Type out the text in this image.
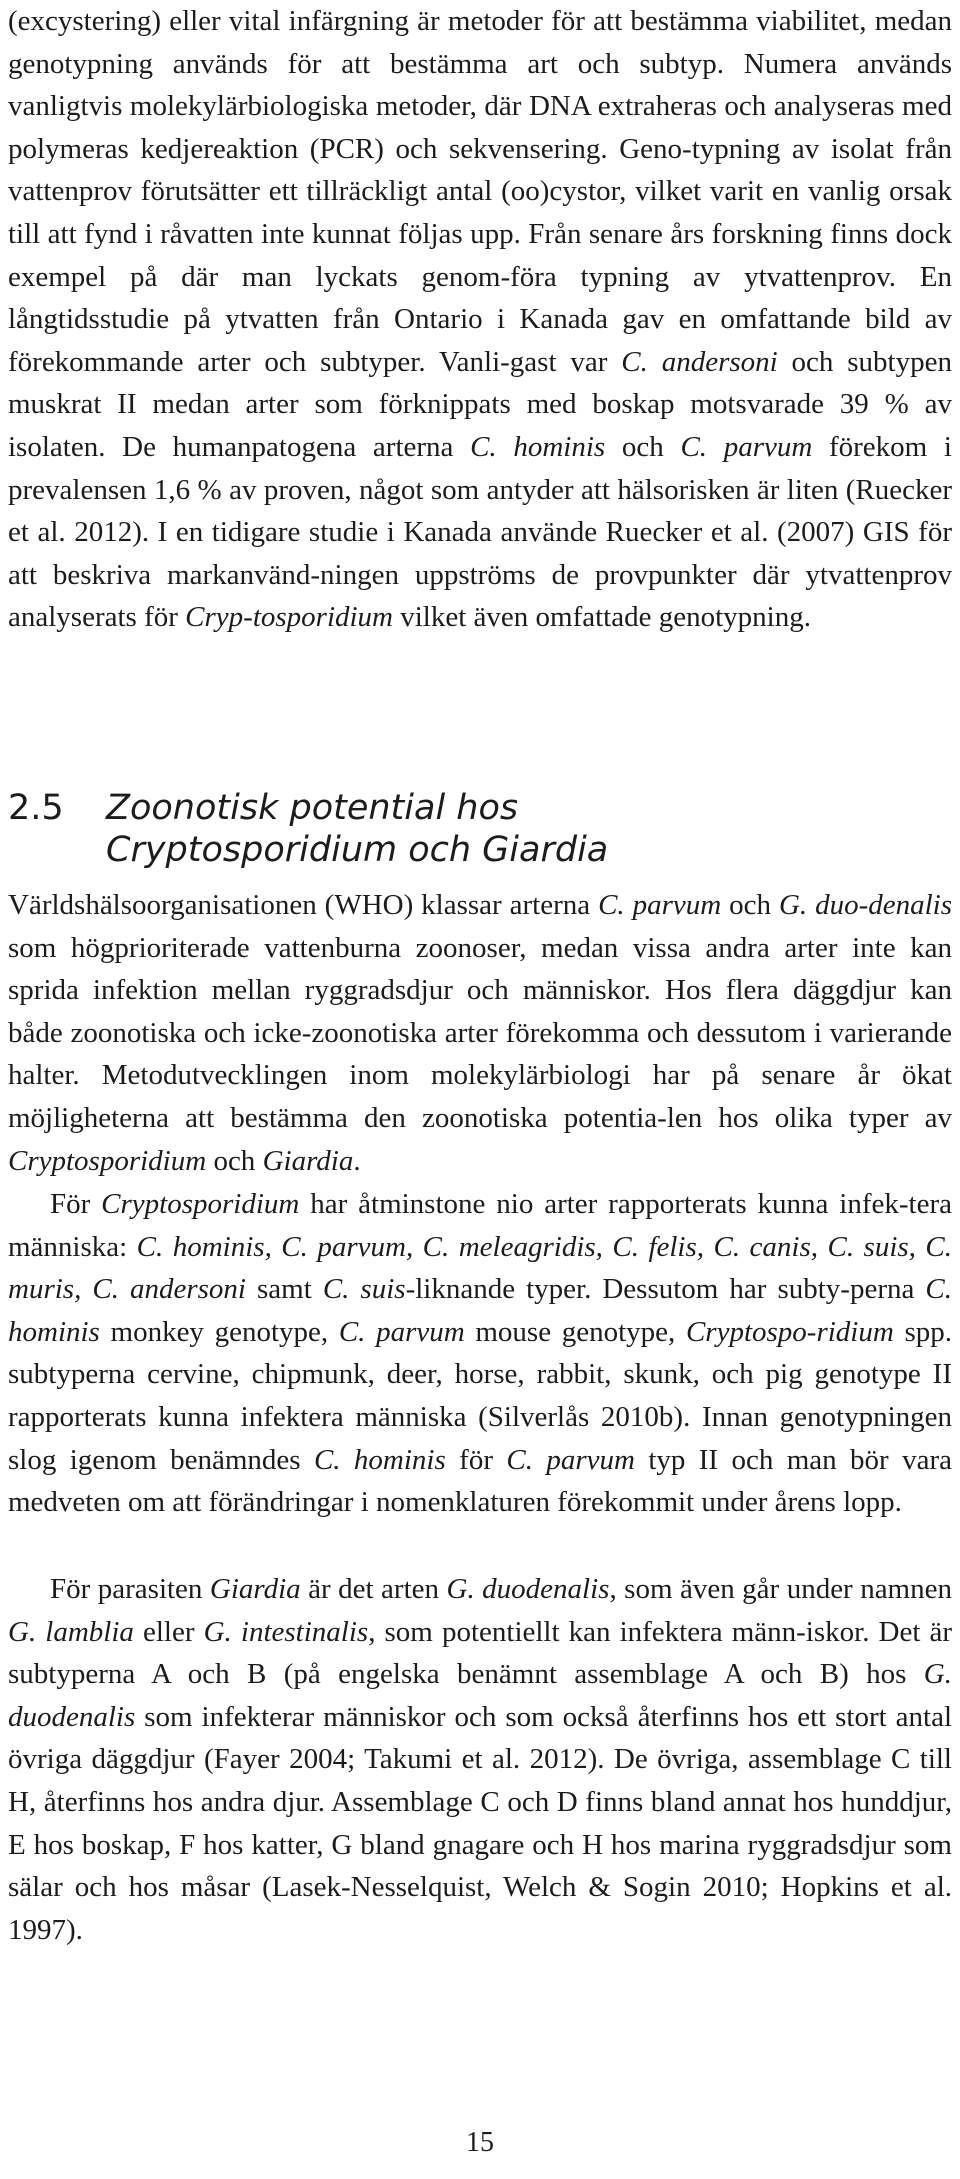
(excystering) eller vital infärgning är metoder för att bestämma viabilitet, medan genotypning används för att bestämma art och subtyp. Numera används vanligtvis molekylärbiologiska metoder, där DNA extraheras och analyseras med polymeras kedjereaktion (PCR) och sekvensering. Geno-typning av isolat från vattenprov förutsätter ett tillräckligt antal (oo)cystor, vilket varit en vanlig orsak till att fynd i råvatten inte kunnat följas upp. Från senare års forskning finns dock exempel på där man lyckats genom-föra typning av ytvattenprov. En långtidsstudie på ytvatten från Ontario i Kanada gav en omfattande bild av förekommande arter och subtyper. Vanli-gast var C. andersoni och subtypen muskrat II medan arter som förknippats med boskap motsvarade 39 % av isolaten. De humanpatogena arterna C. hominis och C. parvum förekom i prevalensen 1,6 % av proven, något som antyder att hälsorisken är liten (Ruecker et al. 2012). I en tidigare studie i Kanada använde Ruecker et al. (2007) GIS för att beskriva markanvänd-ningen uppströms de provpunkter där ytvattenprov analyserats för Cryp-tosporidium vilket även omfattade genotypning.

2.5 Zoonotisk potential hos
Cryptosporidium och Giardia

Världshälsoorganisationen (WHO) klassar arterna C. parvum och G. duo-denalis som högprioriterade vattenburna zoonoser, medan vissa andra arter inte kan sprida infektion mellan ryggradsdjur och människor. Hos flera däggdjur kan både zoonotiska och icke-zoonotiska arter förekomma och dessutom i varierande halter. Metodutvecklingen inom molekylärbiologi har på senare år ökat möjligheterna att bestämma den zoonotiska potentia-len hos olika typer av Cryptosporidium och Giardia.

För Cryptosporidium har åtminstone nio arter rapporterats kunna infek-tera människa: C. hominis, C. parvum, C. meleagridis, C. felis, C. canis, C. suis, C. muris, C. andersoni samt C. suis-liknande typer. Dessutom har subty-perna C. hominis monkey genotype, C. parvum mouse genotype, Cryptospo-ridium spp. subtyperna cervine, chipmunk, deer, horse, rabbit, skunk, och pig genotype II rapporterats kunna infektera människa (Silverlås 2010b). Innan genotypningen slog igenom benämndes C. hominis för C. parvum typ II och man bör vara medveten om att förändringar i nomenklaturen förekommit under årens lopp.

För parasiten Giardia är det arten G. duodenalis, som även går under namnen G. lamblia eller G. intestinalis, som potentiellt kan infektera männ-iskor. Det är subtyperna A och B (på engelska benämnt assemblage A och B) hos G. duodenalis som infekterar människor och som också återfinns hos ett stort antal övriga däggdjur (Fayer 2004; Takumi et al. 2012). De övriga, assemblage C till H, återfinns hos andra djur. Assemblage C och D finns bland annat hos hunddjur, E hos boskap, F hos katter, G bland gnagare och H hos marina ryggradsdjur som sälar och hos måsar (Lasek-Nesselquist, Welch & Sogin 2010; Hopkins et al. 1997).

15
